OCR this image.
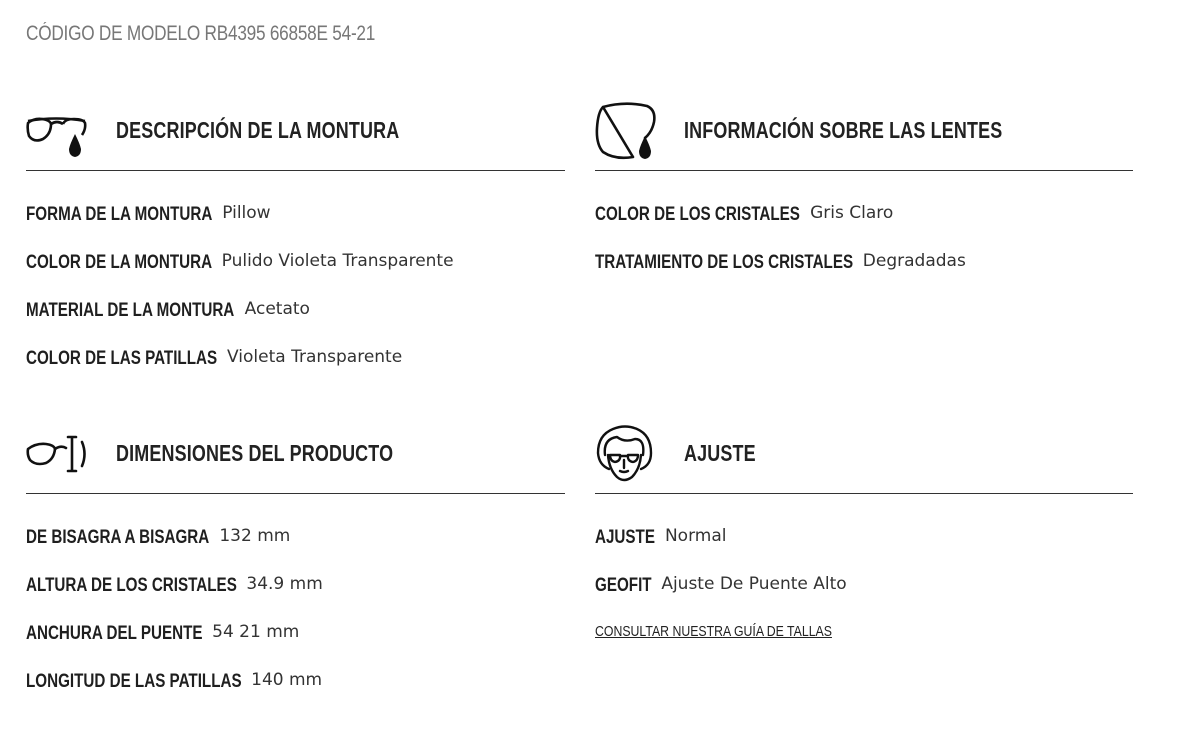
CÓDIGO DE MODELO RB4395 66858E 54-21
DESCRIPCIÓN DE LA MONTURA
FORMA DE LA MONTURA Pillow
COLOR DE LA MONTURA Pulido Violeta Transparente
MATERIAL DE LA MONTURA Acetato
COLOR DE LAS PATILLAS Violeta Transparente
INFORMACIÓN SOBRE LAS LENTES
COLOR DE LOS CRISTALES Gris Claro
TRATAMIENTO DE LOS CRISTALES Degradadas
DIMENSIONES DEL PRODUCTO
DE BISAGRA A BISAGRA 132 mm
ALTURA DE LOS CRISTALES 34.9 mm
ANCHURA DEL PUENTE 54 21 mm
LONGITUD DE LAS PATILLAS 140 mm
AJUSTE
AJUSTE Normal
GEOFIT Ajuste De Puente Alto
CONSULTAR NUESTRA GUÍA DE TALLAS
